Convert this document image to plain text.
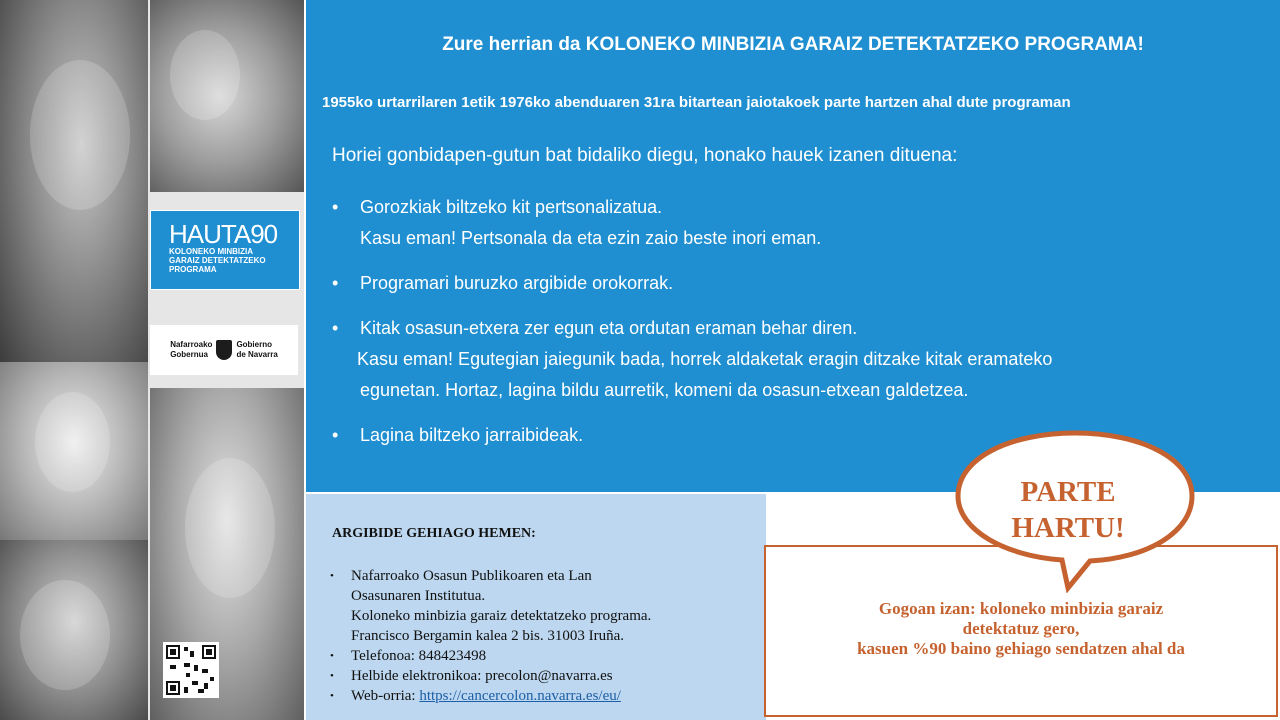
HAUTA90
KOLONEKO MINBIZIA
GARAIZ DETEKTATZEKO
PROGRAMA
Nafarroako
Gobernua
Gobierno
de Navarra
Zure herrian da KOLONEKO MINBIZIA GARAIZ DETEKTATZEKO PROGRAMA!
1955ko urtarrilaren 1etik 1976ko abenduaren 31ra bitartean jaiotakoek parte hartzen ahal dute programan
Horiei gonbidapen-gutun bat bidaliko diegu, honako hauek izanen dituena:
• Gorozkiak biltzeko kit pertsonalizatua.
Kasu eman! Pertsonala da eta ezin zaio beste inori eman.
• Programari buruzko argibide orokorrak.
• Kitak osasun-etxera zer egun eta ordutan eraman behar diren.
Kasu eman! Egutegian jaiegunik bada, horrek aldaketak eragin ditzake kitak eramateko
egunetan. Hortaz, lagina bildu aurretik, komeni da osasun-etxean galdetzea.
• Lagina biltzeko jarraibideak.
ARGIBIDE GEHIAGO HEMEN:
• Nafarroako Osasun Publikoaren eta Lan
Osasunaren Institutua.
Koloneko minbizia garaiz detektatzeko programa.
Francisco Bergamin kalea 2 bis. 31003 Iruña.
• Telefonoa: 848423498
• Helbide elektronikoa: precolon@navarra.es
• Web-orria: https://cancercolon.navarra.es/eu/
Gogoan izan: koloneko minbizia garaiz
detektatuz gero,
kasuen %90 baino gehiago sendatzen ahal da
PARTE
HARTU!
